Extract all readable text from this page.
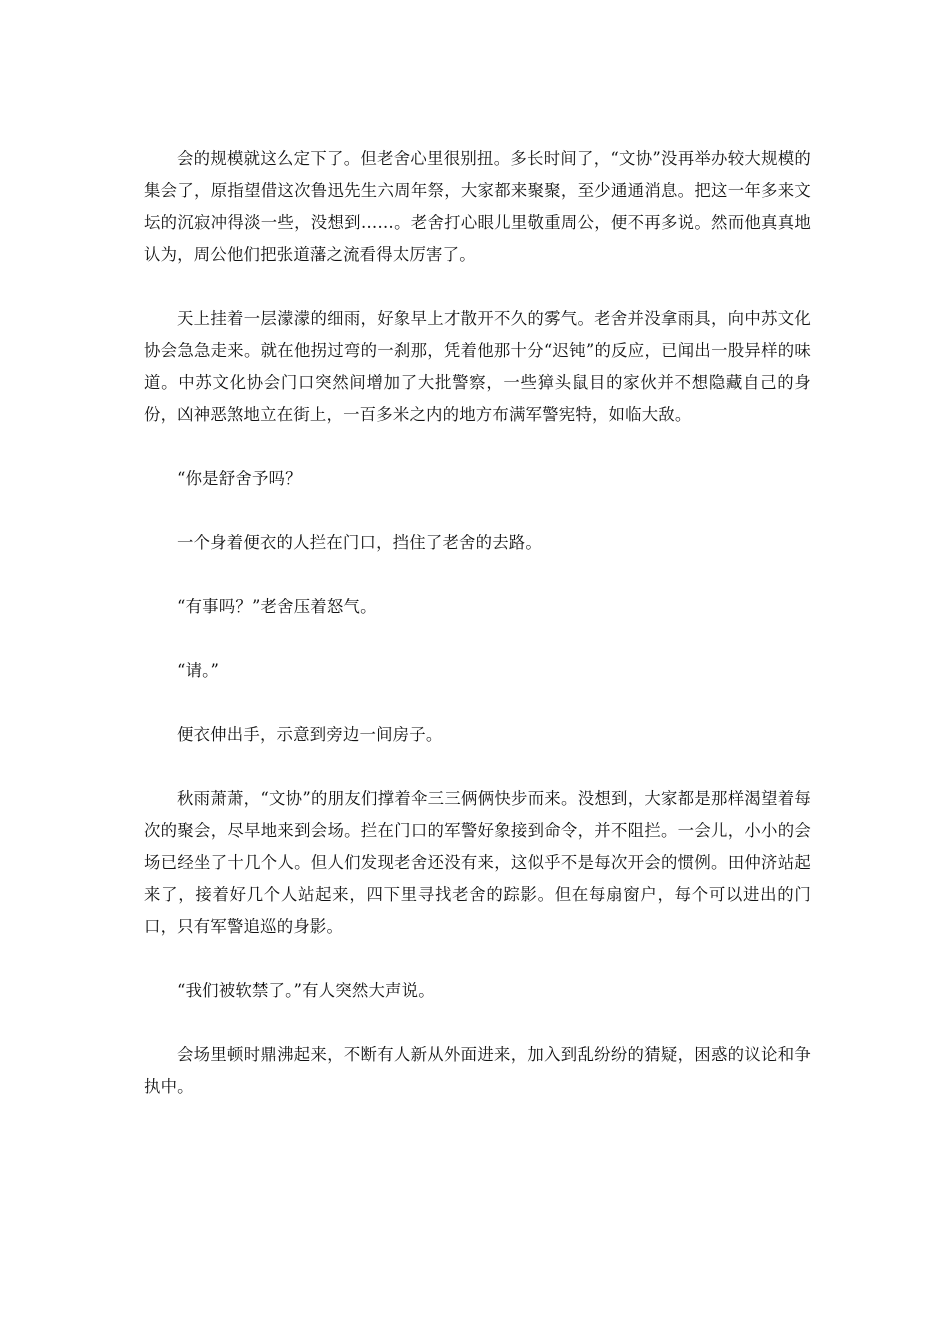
会的规模就这么定下了。但老舍心里很别扭。多长时间了，“文协”没再举办较大规模的集会了，原指望借这次鲁迅先生六周年祭，大家都来聚聚，至少通通消息。把这一年多来文坛的沉寂冲得淡一些，没想到……。老舍打心眼儿里敬重周公，便不再多说。然而他真真地认为，周公他们把张道藩之流看得太厉害了。

天上挂着一层濛濛的细雨，好象早上才散开不久的雾气。老舍并没拿雨具，向中苏文化协会急急走来。就在他拐过弯的一刹那，凭着他那十分“迟钝”的反应，已闻出一股异样的味道。中苏文化协会门口突然间增加了大批警察，一些獐头鼠目的家伙并不想隐藏自己的身份，凶神恶煞地立在街上，一百多米之内的地方布满军警宪特，如临大敌。

“你是舒舍予吗？

一个身着便衣的人拦在门口，挡住了老舍的去路。

“有事吗？”老舍压着怒气。

“请。”

便衣伸出手，示意到旁边一间房子。

秋雨萧萧，“文协”的朋友们撑着伞三三俩俩快步而来。没想到，大家都是那样渴望着每次的聚会，尽早地来到会场。拦在门口的军警好象接到命令，并不阻拦。一会儿，小小的会场已经坐了十几个人。但人们发现老舍还没有来，这似乎不是每次开会的惯例。田仲济站起来了，接着好几个人站起来，四下里寻找老舍的踪影。但在每扇窗户，每个可以进出的门口，只有军警追巡的身影。

“我们被软禁了。”有人突然大声说。

会场里顿时鼎沸起来，不断有人新从外面进来，加入到乱纷纷的猜疑，困惑的议论和争执中。
